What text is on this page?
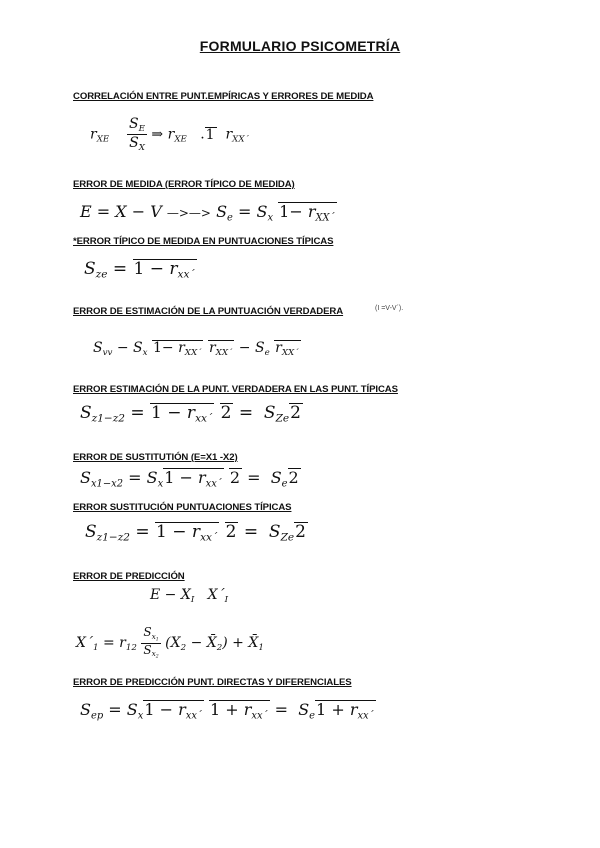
FORMULARIO PSICOMETRÍA
CORRELACIÓN ENTRE PUNT.EMPÍRICAS Y ERRORES DE MEDIDA
$r_{XE} \frac{S_E}{S_X}$ ⇒ $r_{XE}$ .1  $r_{XX´}$
ERROR DE MEDIDA (ERROR TÍPICO DE MEDIDA)
E = X − V —>—> $S_e = S_x$ $1- r_{XX´}$
*ERROR TÍPICO DE MEDIDA EN PUNTUACIONES TÍPICAS
$S_{ze} = 1 - r_{xx´}$
ERROR DE ESTIMACIÓN DE LA PUNTUACIÓN VERDADERA	(I =V-V´).
$S_{vv} - S_x$ $1- r_{XX´}$ $r_{XX´} - S_e$ $r_{XX´}$
ERROR ESTIMACIÓN DE LA PUNT. VERDADERA EN LAS PUNT. TÍPICAS
$S_{z1-z2} = 1 - r_{xx´}$ $2 = S_{Ze}2$
ERROR DE SUSTITUTIÓN (E=X1 -X2)
$S_{x1-x2} = S_x1 - r_{xx´}$ $2 = S_e2$
ERROR SUSTITUCIÓN PUNTUACIONES TÍPICAS
$S_{z1-z2} = 1 - r_{xx´}$ $2 = S_{Ze}2$
ERROR DE PREDICCIÓN
$E - X_I$   $X´_I$
$X´_1 = r_{12} \frac{S_{x_1}}{S_{x_2}} (X_2$ − $X̄_2$) + $X̄_1$
ERROR DE PREDICCIÓN PUNT. DIRECTAS Y DIFERENCIALES
$S_{ep} = S_x1 - r_{xx´}$ $1 + r_{xx´} = S_e1 + r_{xx´}$
